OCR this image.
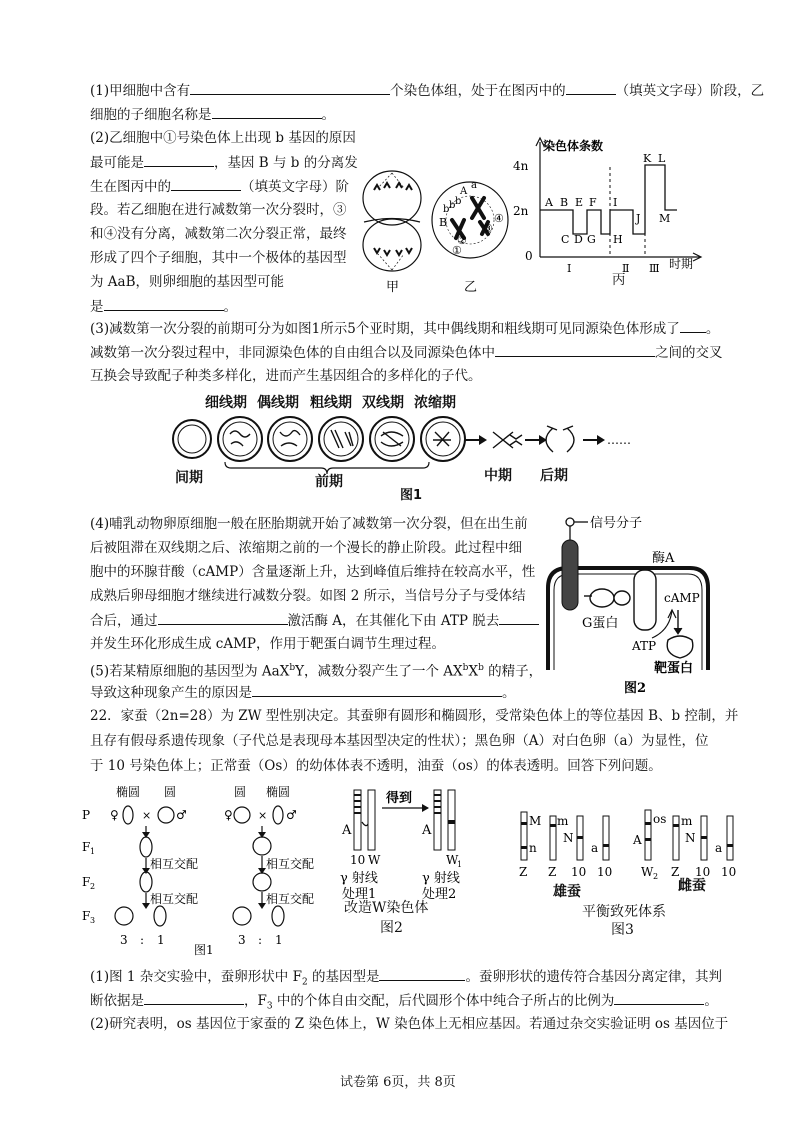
(1)甲细胞中含有	个染色体组，处于在图丙中的	（填英文字母）阶段，乙
细胞的子细胞名称是	。
(2)乙细胞中①号染色体上出现 b 基因的原因
最可能是	，基因 B 与 b 的分离发
生在图丙中的	（填英文字母）阶
段。若乙细胞在进行减数第一次分裂时，③
和④没有分离，减数第二次分裂正常，最终
形成了四个子细胞，其中一个极体的基因型
为 AaB，则卵细胞的基因型可能
是	。
甲
b b b
B
A
a
①
②
③
④
乙
染色体条数
4n
2n
0
A B E F I
K L
C D G H
J M
Ⅰ	Ⅱ Ⅲ 时期
丙
(3)减数第一次分裂的前期可分为如图1所示5个亚时期，其中偶线期和粗线期可见同源染色体形成了 。
减数第一次分裂过程中，非同源染色体的自由组合以及同源染色体中	之间的交叉
互换会导致配子种类多样化，进而产生基因组合的多样化的子代。
细线期 偶线期 粗线期 双线期 浓缩期
……
间期	前期	中期 后期
图1
(4)哺乳动物卵原细胞一般在胚胎期就开始了减数第一次分裂，但在出生前
后被阻滞在双线期之后、浓缩期之前的一个漫长的静止阶段。此过程中细
胞中的环腺苷酸（cAMP）含量逐渐上升，达到峰值后维持在较高水平，性
成熟后卵母细胞才继续进行减数分裂。如图 2 所示，当信号分子与受体结
合后，通过	激活酶 A，在其催化下由 ATP 脱去
并发生环化形成生成 cAMP，作用于靶蛋白调节生理过程。
信号分子
酶A
G蛋白
cAMP
ATP
靶蛋白
图2
(5)若某精原细胞的基因型为 AaX$^b$Y，减数分裂产生了一个 $AX^bX^b$ 的精子，
导致这种现象产生的原因是	。
22．家蚕（2n=28）为 ZW 型性别决定。其蚕卵有圆形和椭圆形，受常染色体上的等位基因 B、b 控制，并
且存有假母系遗传现象（子代总是表现母本基因型决定的性状）；黑色卵（A）对白色卵（a）为显性，位
于 10 号染色体上；正常蚕（Os）的幼体体表不透明，油蚕（os）的体表透明。回答下列问题。
椭圆 圆	圆 椭圆
P
F 1
F 2
F 3
♀ × ♂	♀ × ♂
相互交配
相互交配
相互交配
相互交配
3 : 1	3 : 1
图1
得到
A	A
10 W	W
1
γ 射线	γ 射线
处理1	处理2
改造W染色体
图2
M m
n
N
a
os m
A	N
a
Z Z 10 10 W 2 Z 10 10
雄蚕	雌蚕
平衡致死体系
图3
(1)图 1 杂交实验中，蚕卵形状中 $F_2$ 的基因型是	。蚕卵形状的遗传符合基因分离定律，其判
断依据是	，$F_3$ 中的个体自由交配，后代圆形个体中纯合子所占的比例为	。
(2)研究表明，os 基因位于家蚕的 Z 染色体上，W 染色体上无相应基因。若通过杂交实验证明 os 基因位于
试卷第 6页，共 8页
